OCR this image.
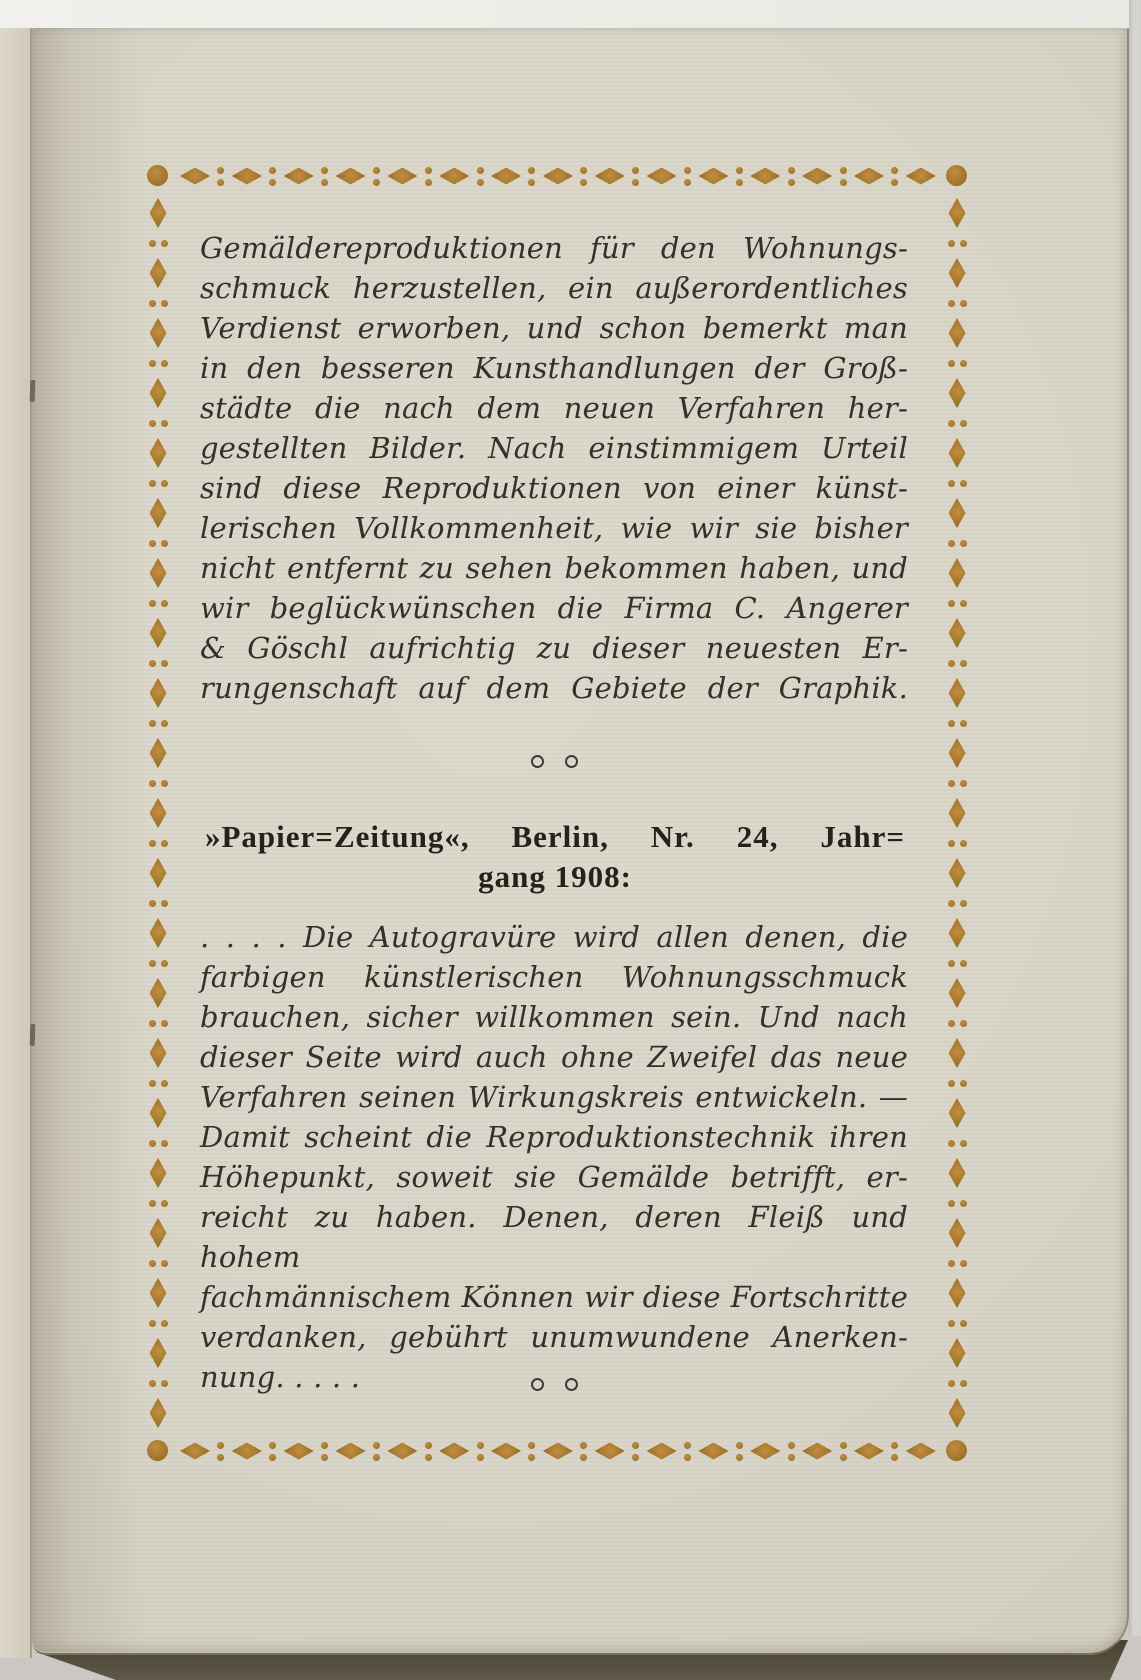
Gemäldereproduktionen für den Wohnungs-
schmuck herzustellen, ein außerordentliches
Verdienst erworben, und schon bemerkt man
in den besseren Kunsthandlungen der Groß-
städte die nach dem neuen Verfahren her-
gestellten Bilder. Nach einstimmigem Urteil
sind diese Reproduktionen von einer künst-
lerischen Vollkommenheit, wie wir sie bisher
nicht entfernt zu sehen bekommen haben, und
wir beglückwünschen die Firma C. Angerer
& Göschl aufrichtig zu dieser neuesten Er-
rungenschaft auf dem Gebiete der Graphik.
»Papier=Zeitung«, Berlin, Nr. 24, Jahr=
gang 1908:
. . . . Die Autogravüre wird allen denen, die
farbigen künstlerischen Wohnungsschmuck
brauchen, sicher willkommen sein. Und nach
dieser Seite wird auch ohne Zweifel das neue
Verfahren seinen Wirkungskreis entwickeln. —
Damit scheint die Reproduktionstechnik ihren
Höhepunkt, soweit sie Gemälde betrifft, er-
reicht zu haben. Denen, deren Fleiß und hohem
fachmännischem Können wir diese Fortschritte
verdanken, gebührt unumwundene Anerken-
nung. . . . .
